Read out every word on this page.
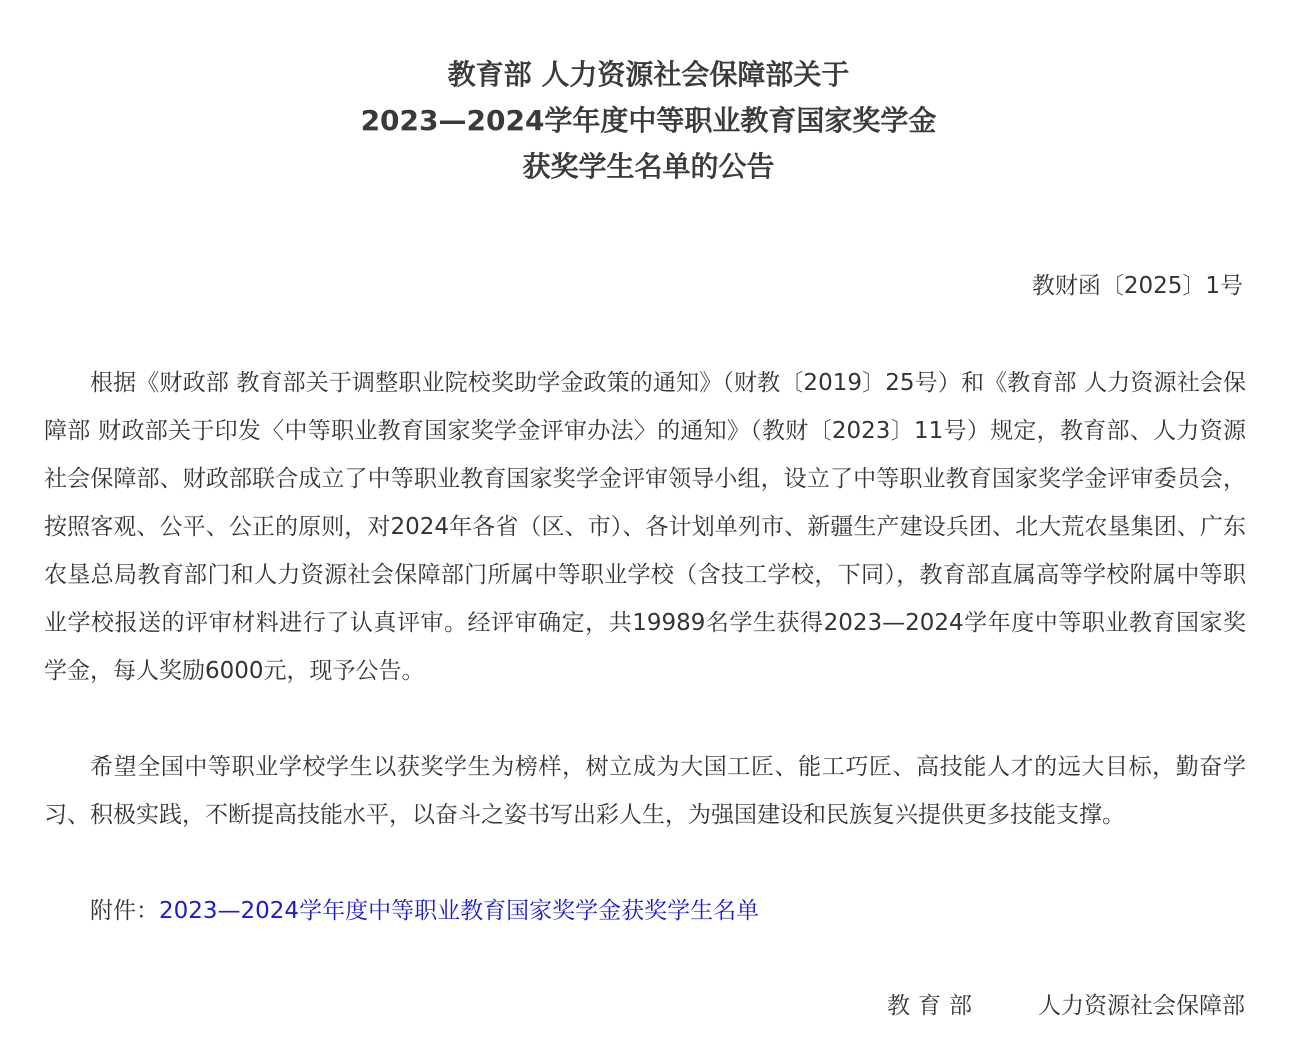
教育部 人力资源社会保障部关于
2023—2024学年度中等职业教育国家奖学金
获奖学生名单的公告
教财函〔2025〕1号

根据《财政部 教育部关于调整职业院校奖助学金政策的通知》（财教〔2019〕25号）和《教育部 人力资源社会保障部 财政部关于印发〈中等职业教育国家奖学金评审办法〉的通知》（教财〔2023〕11号）规定，教育部、人力资源社会保障部、财政部联合成立了中等职业教育国家奖学金评审领导小组，设立了中等职业教育国家奖学金评审委员会，按照客观、公平、公正的原则，对2024年各省（区、市）、各计划单列市、新疆生产建设兵团、北大荒农垦集团、广东农垦总局教育部门和人力资源社会保障部门所属中等职业学校（含技工学校，下同），教育部直属高等学校附属中等职业学校报送的评审材料进行了认真评审。经评审确定，共19989名学生获得2023—2024学年度中等职业教育国家奖学金，每人奖励6000元，现予公告。

希望全国中等职业学校学生以获奖学生为榜样，树立成为大国工匠、能工巧匠、高技能人才的远大目标，勤奋学习、积极实践，不断提高技能水平，以奋斗之姿书写出彩人生，为强国建设和民族复兴提供更多技能支撑。

附件：2023—2024学年度中等职业教育国家奖学金获奖学生名单
教育部	人力资源社会保障部
